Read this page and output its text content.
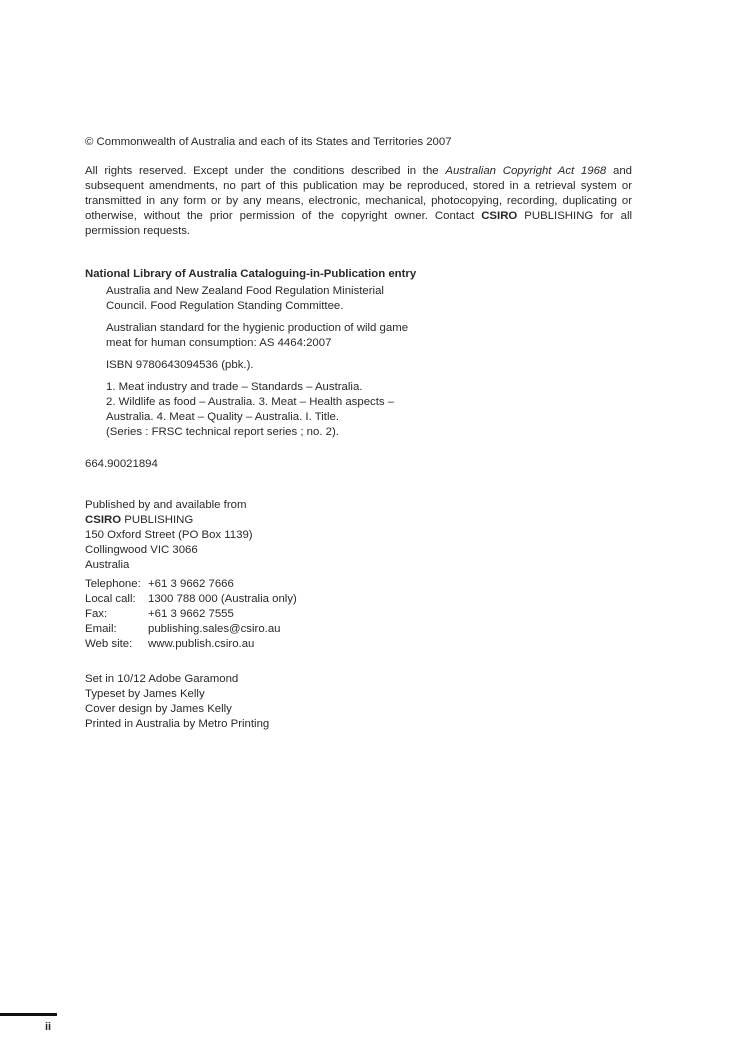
© Commonwealth of Australia and each of its States and Territories 2007
All rights reserved. Except under the conditions described in the Australian Copyright Act 1968 and subsequent amendments, no part of this publication may be reproduced, stored in a retrieval system or transmitted in any form or by any means, electronic, mechanical, photocopying, recording, duplicating or otherwise, without the prior permission of the copyright owner. Contact CSIRO PUBLISHING for all permission requests.
National Library of Australia Cataloguing-in-Publication entry

Australia and New Zealand Food Regulation Ministerial
Council. Food Regulation Standing Committee.

Australian standard for the hygienic production of wild game
meat for human consumption: AS 4464:2007

ISBN 9780643094536 (pbk.).

1. Meat industry and trade – Standards – Australia.
2. Wildlife as food – Australia. 3. Meat – Health aspects –
Australia. 4. Meat – Quality – Australia. I. Title.
(Series : FRSC technical report series ; no. 2).

664.90021894
Published by and available from
CSIRO PUBLISHING
150 Oxford Street (PO Box 1139)
Collingwood VIC 3066
Australia
Telephone:	+61 3 9662 7666
Local call:	1300 788 000 (Australia only)
Fax:	+61 3 9662 7555
Email:	publishing.sales@csiro.au
Web site:	www.publish.csiro.au
Set in 10/12 Adobe Garamond
Typeset by James Kelly
Cover design by James Kelly
Printed in Australia by Metro Printing
ii
